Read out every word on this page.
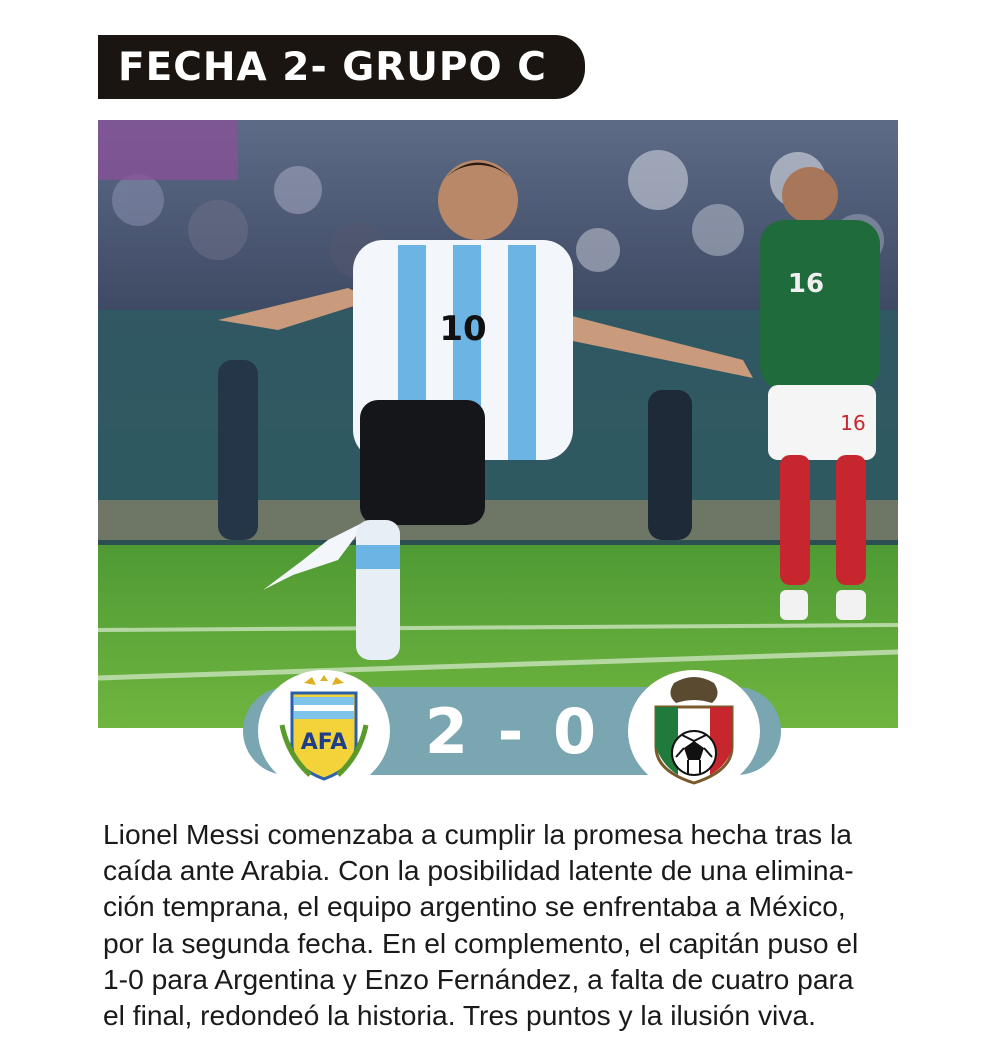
FECHA 2- GRUPO C
10
16
16
AFA	2 - 0

Lionel Messi comenzaba a cumplir la promesa hecha tras la

caída ante Arabia. Con la posibilidad latente de una elimina-

ción temprana, el equipo argentino se enfrentaba a México,

por la segunda fecha. En el complemento, el capitán puso el

1-0 para Argentina y Enzo Fernández, a falta de cuatro para

el final, redondeó la historia. Tres puntos y la ilusión viva.
